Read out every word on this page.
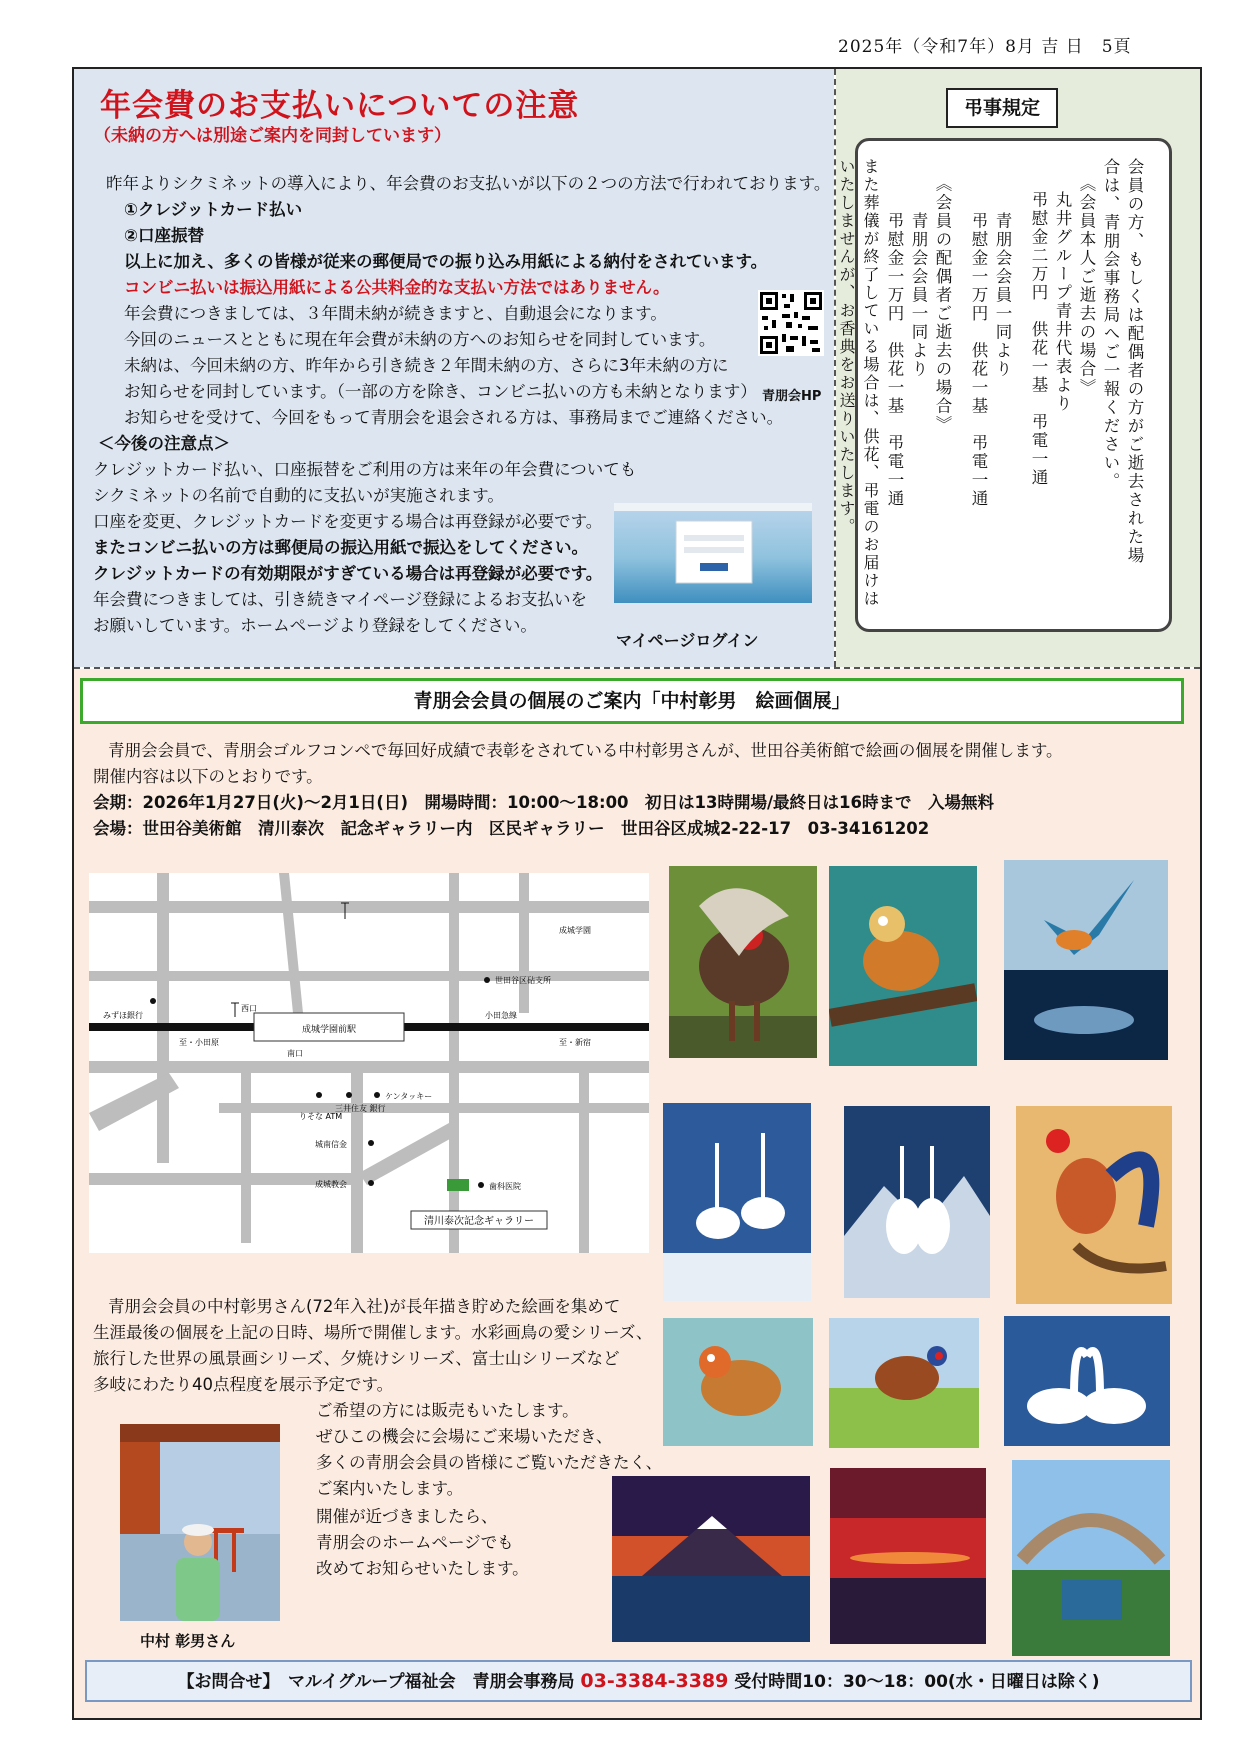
2025年（令和7年）8月 吉 日　5頁
年会費のお支払いについての注意
（未納の方へは別途ご案内を同封しています）
昨年よりシクミネットの導入により、年会費のお支払いが以下の２つの方法で行われております。
①クレジットカード払い
②口座振替
以上に加え、多くの皆様が従来の郵便局での振り込み用紙による納付をされています。
コンビニ払いは振込用紙による公共料金的な支払い方法ではありません。
年会費につきましては、３年間未納が続きますと、自動退会になります。
今回のニュースとともに現在年会費が未納の方へのお知らせを同封しています。
未納は、今回未納の方、昨年から引き続き２年間未納の方、さらに3年未納の方に
お知らせを同封しています。（一部の方を除き、コンビニ払いの方も未納となります）
お知らせを受けて、今回をもって青朋会を退会される方は、事務局までご連絡ください。
＜今後の注意点＞
クレジットカード払い、口座振替をご利用の方は来年の年会費についても
シクミネットの名前で自動的に支払いが実施されます。
口座を変更、クレジットカードを変更する場合は再登録が必要です。
またコンビニ払いの方は郵便局の振込用紙で振込をしてください。
クレジットカードの有効期限がすぎている場合は再登録が必要です。
年会費につきましては、引き続きマイページ登録によるお支払いを
お願いしています。ホームページより登録をしてください。
青朋会HP
マイページログイン
弔事規定
会員の方、もしくは配偶者の方がご逝去された場
合は、青朋会事務局へご一報ください。
《会員本人ご逝去の場合》
丸井グループ青井代表より
弔慰金二万円　供花一基　弔電一通
青朋会会員一同より
弔慰金一万円　供花一基　弔電一通
《会員の配偶者ご逝去の場合》
青朋会会員一同より
弔慰金一万円　供花一基　弔電一通
また葬儀が終了している場合は、供花、弔電のお届けは
いたしませんが、お香典をお送りいたします。
青朋会会員の個展のご案内「中村彰男　絵画個展」
青朋会会員で、青朋会ゴルフコンペで毎回好成績で表彰をされている中村彰男さんが、世田谷美術館で絵画の個展を開催します。
開催内容は以下のとおりです。
会期：2026年1月27日(火)～2月1日(日)　開場時間：10:00～18:00　初日は13時開場/最終日は16時まで　入場無料
会場：世田谷美術館　清川泰次　記念ギャラリー内　区民ギャラリー　世田谷区成城2-22-17　03-34161202
成城学園前駅
成城学園
世田谷区砧支所
みずほ銀行
西口
小田急線
至・小田原	至・新宿
南口
りそな ATM
三井住友 銀行
ケンタッキー
城南信金
成城教会	歯科医院
清川泰次記念ギャラリー
中村 彰男さん
青朋会会員の中村彰男さん(72年入社)が長年描き貯めた絵画を集めて
生涯最後の個展を上記の日時、場所で開催します。水彩画鳥の愛シリーズ、
旅行した世界の風景画シリーズ、夕焼けシリーズ、富士山シリーズなど
多岐にわたり40点程度を展示予定です。
ご希望の方には販売もいたします。
ぜひこの機会に会場にご来場いただき、
多くの青朋会会員の皆様にご覧いただきたく、
ご案内いたします。
開催が近づきましたら、
青朋会のホームページでも
改めてお知らせいたします。
【お問合せ】　マルイグループ福祉会　青朋会事務局 03-3384-3389 受付時間10：30～18：00(水・日曜日は除く)
